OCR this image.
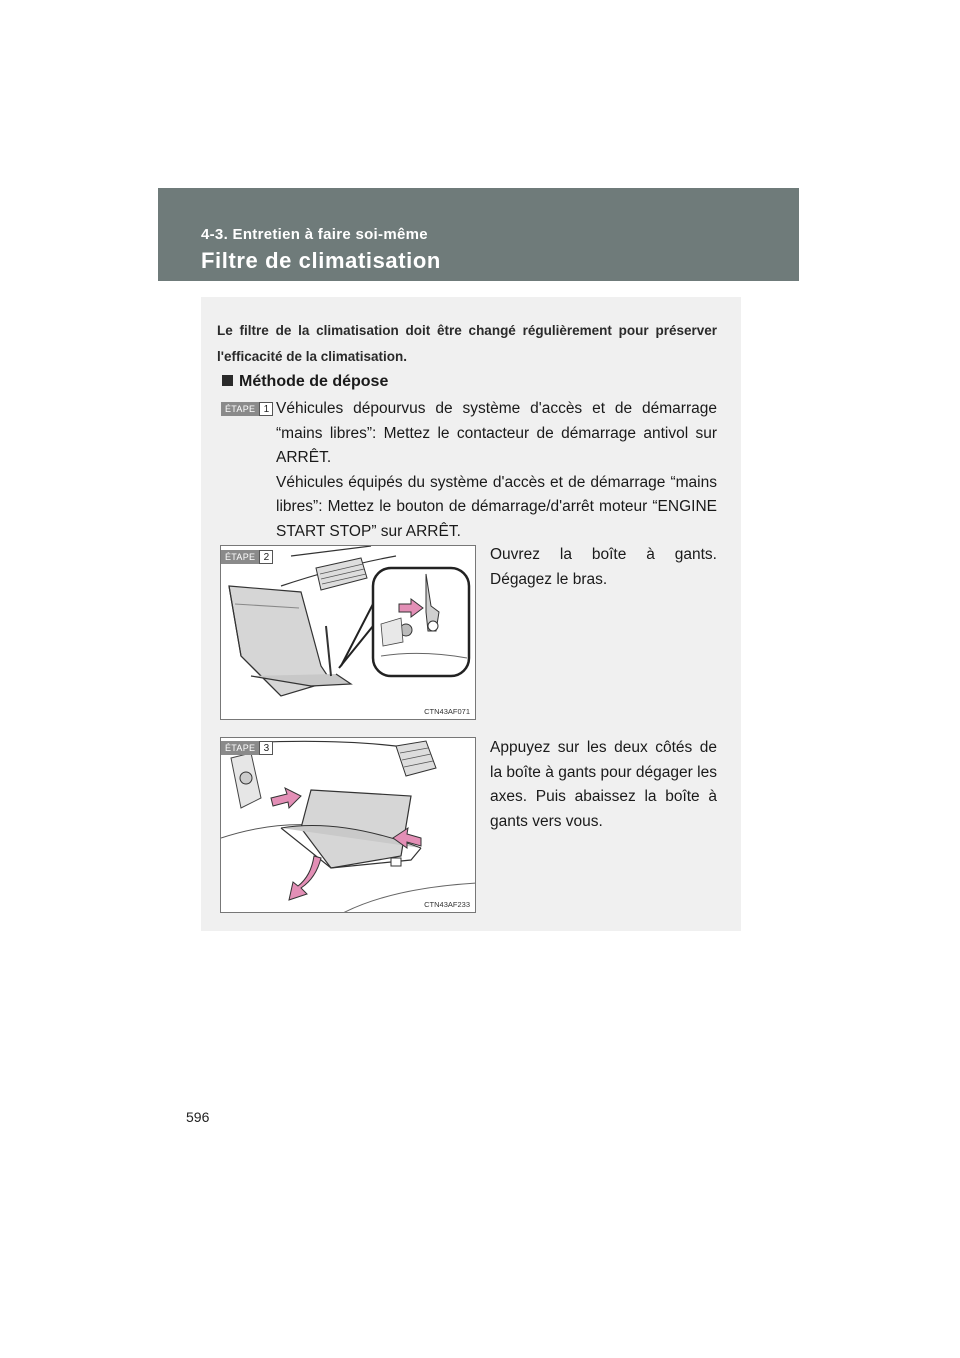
4-3. Entretien à faire soi-même
Filtre de climatisation
Le filtre de la climatisation doit être changé régulièrement pour préserver l'efficacité de la climatisation.
Méthode de dépose
ÉTAPE 1 Véhicules dépourvus de système d'accès et de démarrage “mains libres”: Mettez le contacteur de démarrage antivol sur ARRÊT.

Véhicules équipés du système d'accès et de démarrage “mains libres”: Mettez le bouton de démarrage/d'arrêt moteur “ENGINE START STOP” sur ARRÊT.

CTN43AF071
ÉTAPE 2	Ouvrez la boîte à gants.

Dégagez le bras.

CTN43AF233
ÉTAPE 3	Appuyez sur les deux côtés de la boîte à gants pour dégager les axes. Puis abaissez la boîte à gants vers vous.
596
